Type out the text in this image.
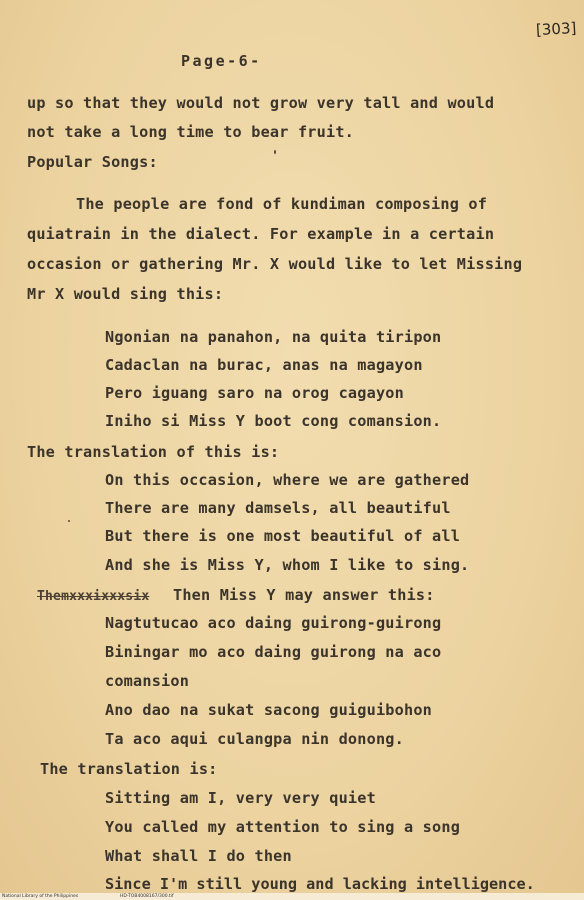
[303]
Page-6-
up so that they would not grow very tall and would
not take a long time to bear fruit.
Popular Songs:
The people are fond of kundiman composing of
quiatrain in the dialect. For example in a certain
occasion or gathering Mr. X would like to let Missing
Mr X would sing this:
Ngonian na panahon, na quita tiripon
Cadaclan na burac, anas na magayon
Pero iguang saro na orog cagayon
Iniho si Miss Y boot cong comansion.
The translation of this is:
On this occasion, where we are gathered
There are many damsels, all beautiful
But there is one most beautiful of all
And she is Miss Y, whom I like to sing.
Themxxxixxxsix Then Miss Y may answer this:
Nagtutucao aco daing guirong-guirong
Biningar mo aco daing guirong na aco
comansion
Ano dao na sukat sacong guiguibohon
Ta aco aqui culangpa nin donong.
The translation is:
Sitting am I, very very quiet
You called my attention to sing a song
What shall I do then
Since I'm still young and lacking intelligence.
National Library of the Philippines	HD-TOB4008167/300.tif
